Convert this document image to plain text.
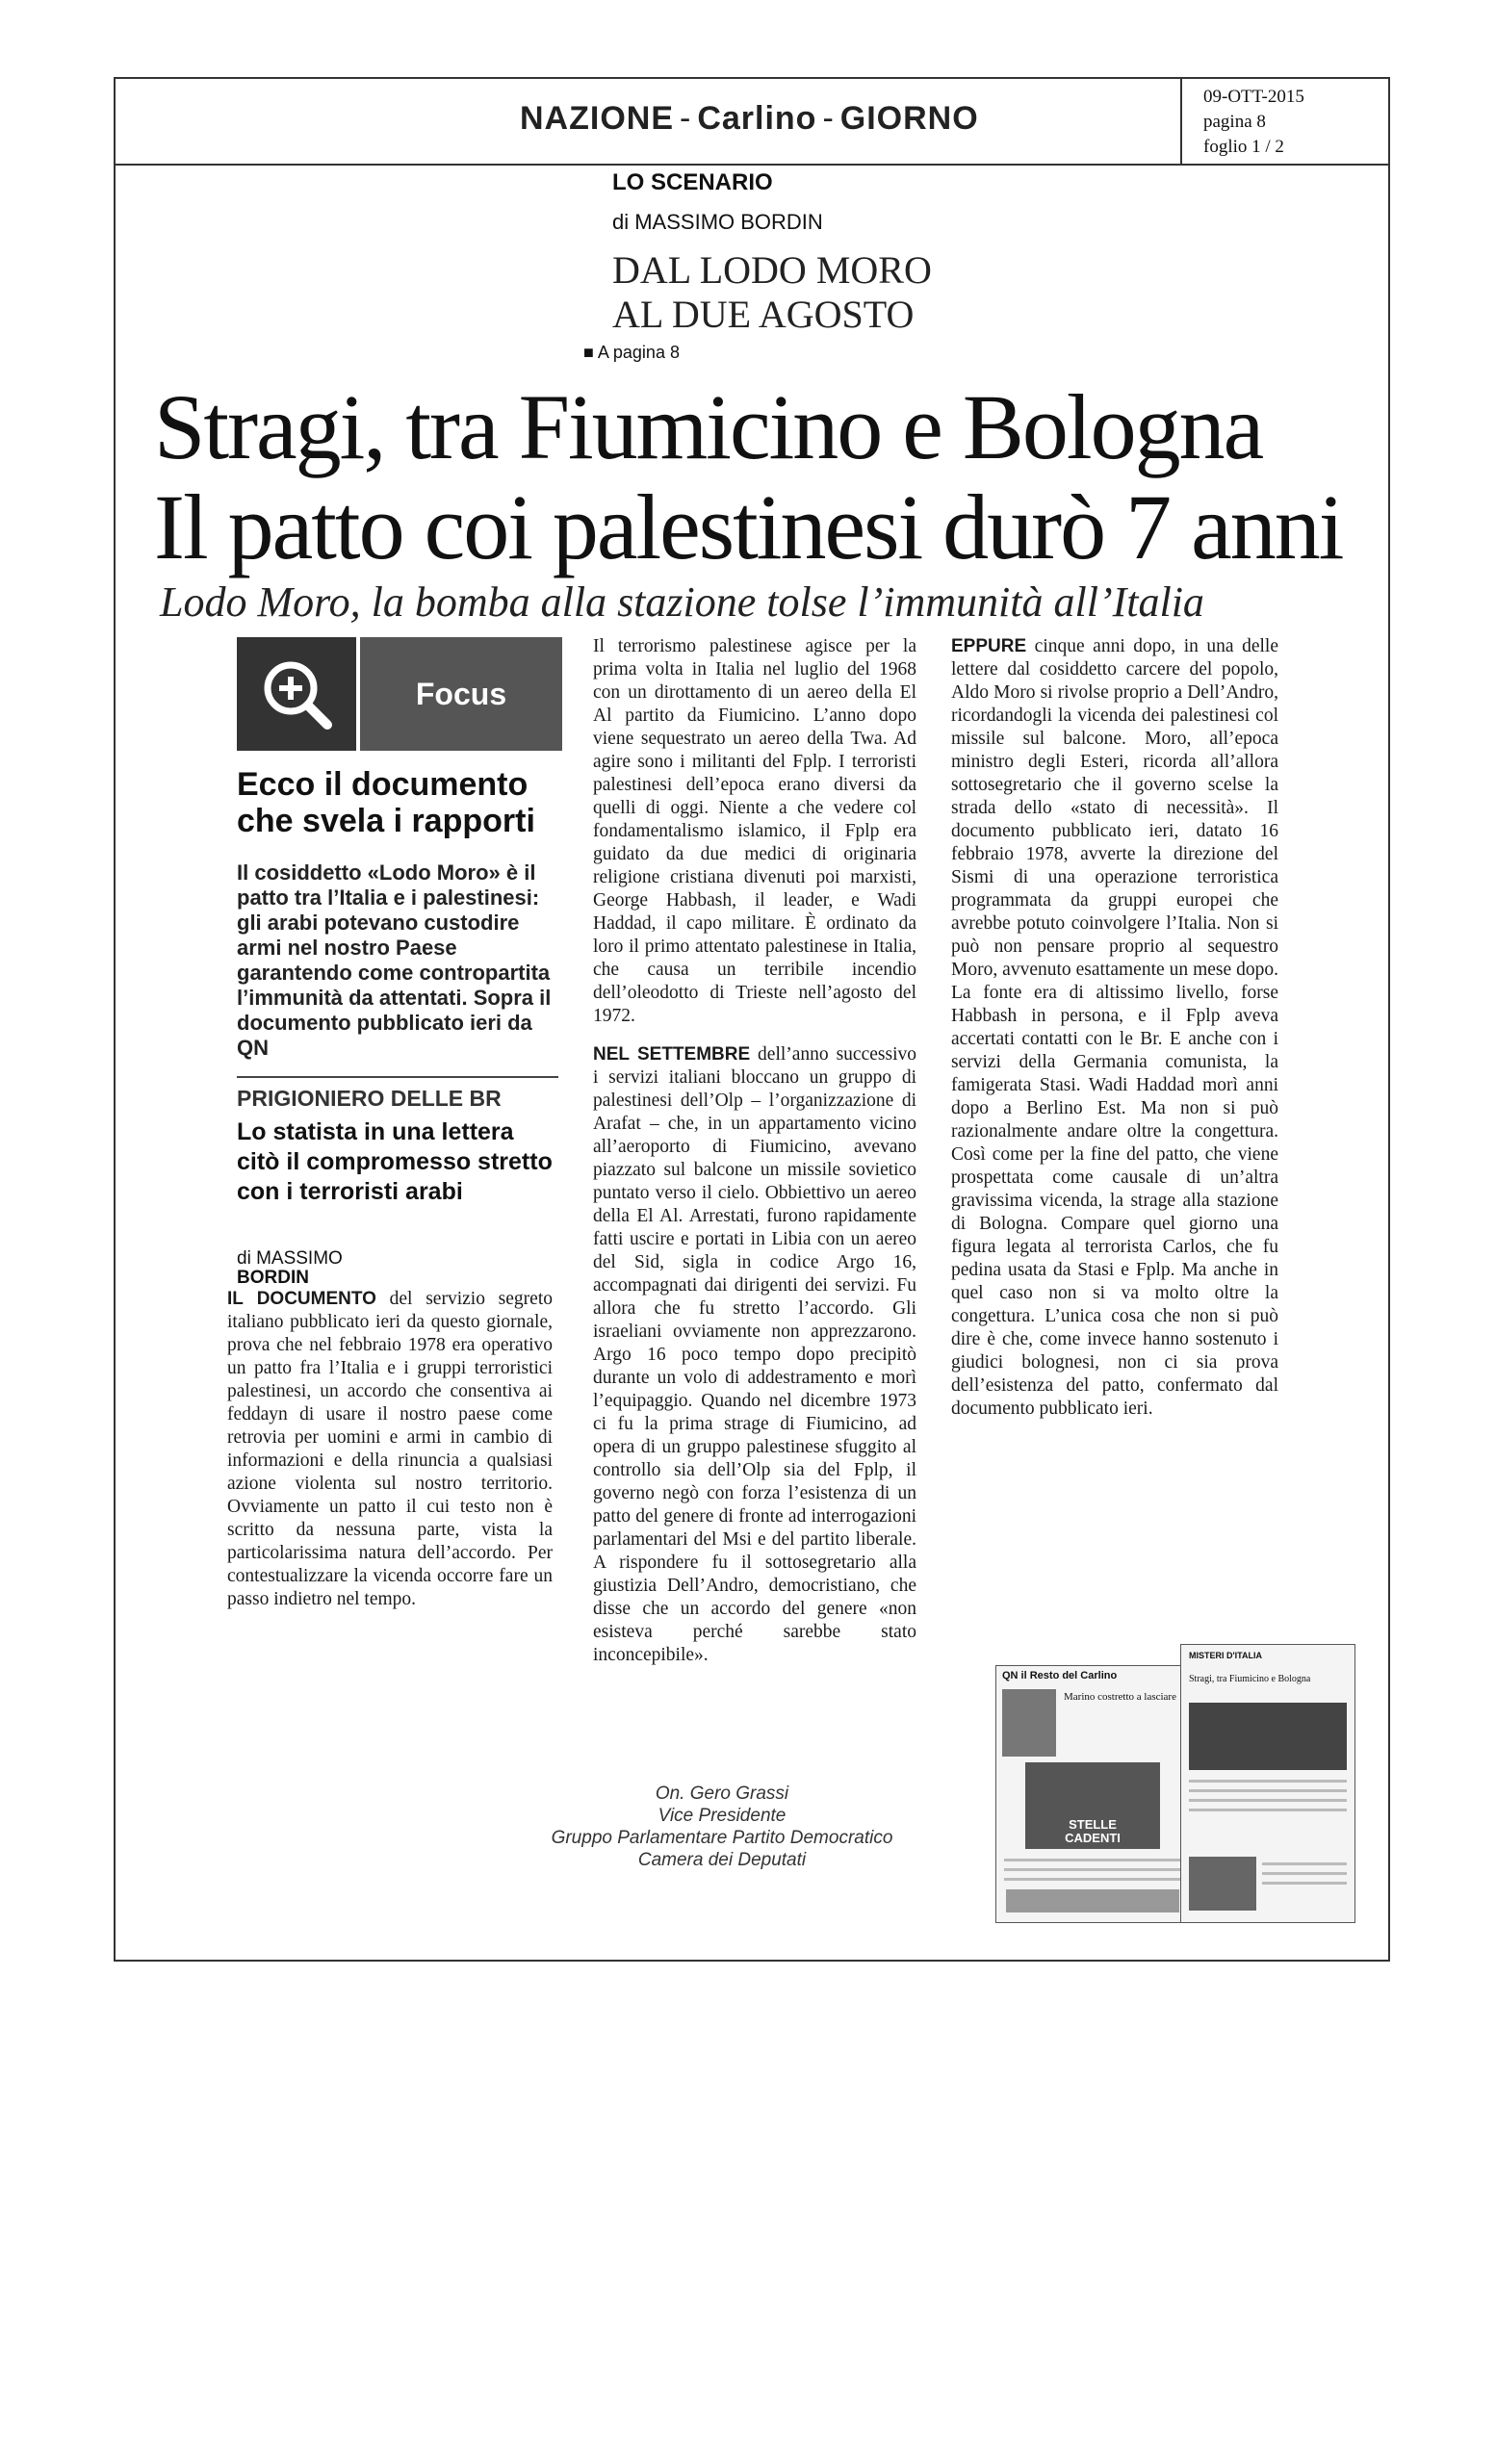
NAZIONE - Carlino - GIORNO
09-OTT-2015
pagina 8
foglio 1 / 2
LO SCENARIO
di MASSIMO BORDIN
DAL LODO MORO
AL DUE AGOSTO
■ A pagina 8
Stragi, tra Fiumicino e Bologna
Il patto coi palestinesi durò 7 anni
Lodo Moro, la bomba alla stazione tolse l’immunità all’Italia
Focus
Ecco il documento che svela i rapporti
Il cosiddetto «Lodo Moro» è il patto tra l’Italia e i palestinesi: gli arabi potevano custodire armi nel nostro Paese garantendo come contropartita l’immunità da attentati. Sopra il documento pubblicato ieri da QN
PRIGIONIERO DELLE BR
Lo statista in una lettera citò il compromesso stretto con i terroristi arabi
di MASSIMO
BORDIN

IL DOCUMENTO del servizio segreto italiano pubblicato ieri da questo giornale, prova che nel febbraio 1978 era operativo un patto fra l’Italia e i gruppi terroristici palestinesi, un accordo che consentiva ai feddayn di usare il nostro paese come retrovia per uomini e armi in cambio di informazioni e della rinuncia a qualsiasi azione violenta sul nostro territorio. Ovviamente un patto il cui testo non è scritto da nessuna parte, vista la particolarissima natura dell’accordo. Per contestualizzare la vicenda occorre fare un passo indietro nel tempo.

Il terrorismo palestinese agisce per la prima volta in Italia nel luglio del 1968 con un dirottamento di un aereo della El Al partito da Fiumicino. L’anno dopo viene sequestrato un aereo della Twa. Ad agire sono i militanti del Fplp. I terroristi palestinesi dell’epoca erano diversi da quelli di oggi. Niente a che vedere col fondamentalismo islamico, il Fplp era guidato da due medici di originaria religione cristiana divenuti poi marxisti, George Habbash, il leader, e Wadi Haddad, il capo militare. È ordinato da loro il primo attentato palestinese in Italia, che causa un terribile incendio dell’oleodotto di Trieste nell’agosto del 1972.

NEL SETTEMBRE dell’anno successivo i servizi italiani bloccano un gruppo di palestinesi dell’Olp – l’organizzazione di Arafat – che, in un appartamento vicino all’aeroporto di Fiumicino, avevano piazzato sul balcone un missile sovietico puntato verso il cielo. Obbiettivo un aereo della El Al. Arrestati, furono rapidamente fatti uscire e portati in Libia con un aereo del Sid, sigla in codice Argo 16, accompagnati dai dirigenti dei servizi. Fu allora che fu stretto l’accordo. Gli israeliani ovviamente non apprezzarono. Argo 16 poco tempo dopo precipitò durante un volo di addestramento e morì l’equipaggio. Quando nel dicembre 1973 ci fu la prima strage di Fiumicino, ad opera di un gruppo palestinese sfuggito al controllo sia dell’Olp sia del Fplp, il governo negò con forza l’esistenza di un patto del genere di fronte ad interrogazioni parlamentari del Msi e del partito liberale. A rispondere fu il sottosegretario alla giustizia Dell’Andro, democristiano, che disse che un accordo del genere «non esisteva perché sarebbe stato inconcepibile».

EPPURE cinque anni dopo, in una delle lettere dal cosiddetto carcere del popolo, Aldo Moro si rivolse proprio a Dell’Andro, ricordandogli la vicenda dei palestinesi col missile sul balcone. Moro, all’epoca ministro degli Esteri, ricorda all’allora sottosegretario che il governo scelse la strada dello «stato di necessità». Il documento pubblicato ieri, datato 16 febbraio 1978, avverte la direzione del Sismi di una operazione terroristica programmata da gruppi europei che avrebbe potuto coinvolgere l’Italia. Non si può non pensare proprio al sequestro Moro, avvenuto esattamente un mese dopo. La fonte era di altissimo livello, forse Habbash in persona, e il Fplp aveva accertati contatti con le Br. E anche con i servizi della Germania comunista, la famigerata Stasi. Wadi Haddad morì anni dopo a Berlino Est. Ma non si può razionalmente andare oltre la congettura. Così come per la fine del patto, che viene prospettata come causale di un’altra gravissima vicenda, la strage alla stazione di Bologna. Compare quel giorno una figura legata al terrorista Carlos, che fu pedina usata da Stasi e Fplp. Ma anche in quel caso non si va molto oltre la congettura. L’unica cosa che non si può dire è che, come invece hanno sostenuto i giudici bolognesi, non ci sia prova dell’esistenza del patto, confermato dal documento pubblicato ieri.

On. Gero Grassi
Vice Presidente
Gruppo Parlamentare Partito Democratico
Camera dei Deputati
QN il Resto del Carlino
Marino costretto a lasciare
STELLE CADENTI
MISTERI D'ITALIA
Stragi, tra Fiumicino e Bologna
